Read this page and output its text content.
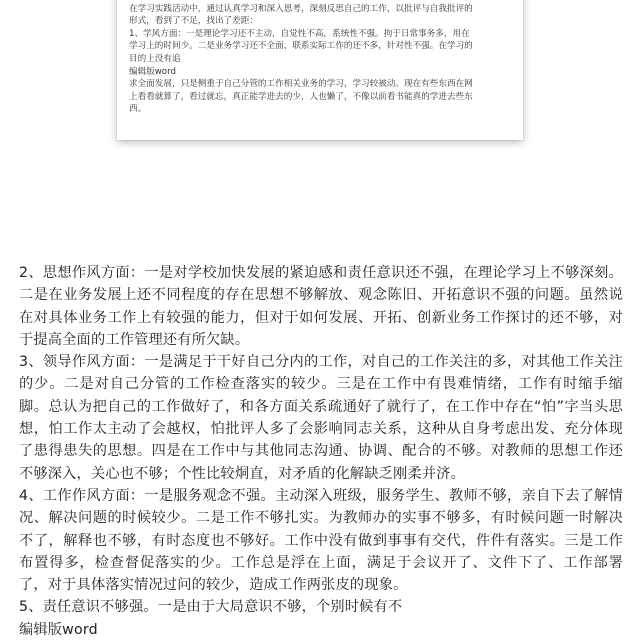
在学习实践活动中，通过认真学习和深入思考，深刻反思自己的工作，以批评与自我批评的

形式，看到了不足，找出了差距：

1、学风方面：一是理论学习还不主动，自觉性不高，系统性不强。拘于日常事务多，用在

学习上的时间少。二是业务学习还不全面，联系实际工作的还不多，针对性不强。在学习的

目的上没有追

编辑版word

求全面发展，只是侧重于自己分管的工作相关业务的学习，学习较被动。现在有些东西在网

上看看就算了，看过就忘，真正能学进去的少，人也懒了，不像以前看书能真的学进去些东

西。

2、思想作风方面：一是对学校加快发展的紧迫感和责任意识还不强，在理论学习上不够深刻。二是在业务发展上还不同程度的存在思想不够解放、观念陈旧、开拓意识不强的问题。虽然说在对具体业务工作上有较强的能力，但对于如何发展、开拓、创新业务工作探讨的还不够，对于提高全面的工作管理还有所欠缺。

3、领导作风方面：一是满足于干好自己分内的工作，对自己的工作关注的多，对其他工作关注的少。二是对自己分管的工作检查落实的较少。三是在工作中有畏难情绪，工作有时缩手缩脚。总认为把自己的工作做好了，和各方面关系疏通好了就行了，在工作中存在“怕”字当头思想，怕工作太主动了会越权，怕批评人多了会影响同志关系，这种从自身考虑出发、充分体现了患得患失的思想。四是在工作中与其他同志沟通、协调、配合的不够。对教师的思想工作还不够深入，关心也不够；个性比较烔直，对矛盾的化解缺乏刚柔并济。

4、工作作风方面：一是服务观念不强。主动深入班级，服务学生、教师不够，亲自下去了解情况、解决问题的时候较少。二是工作不够扎实。为教师办的实事不够多，有时候问题一时解决不了，解释也不够，有时态度也不够好。工作中没有做到事事有交代，件件有落实。三是工作布置得多，检查督促落实的少。工作总是浮在上面，满足于会议开了、文件下了、工作部署了，对于具体落实情况过问的较少，造成工作两张皮的现象。

5、责任意识不够强。一是由于大局意识不够，个别时候有不

编辑版word
